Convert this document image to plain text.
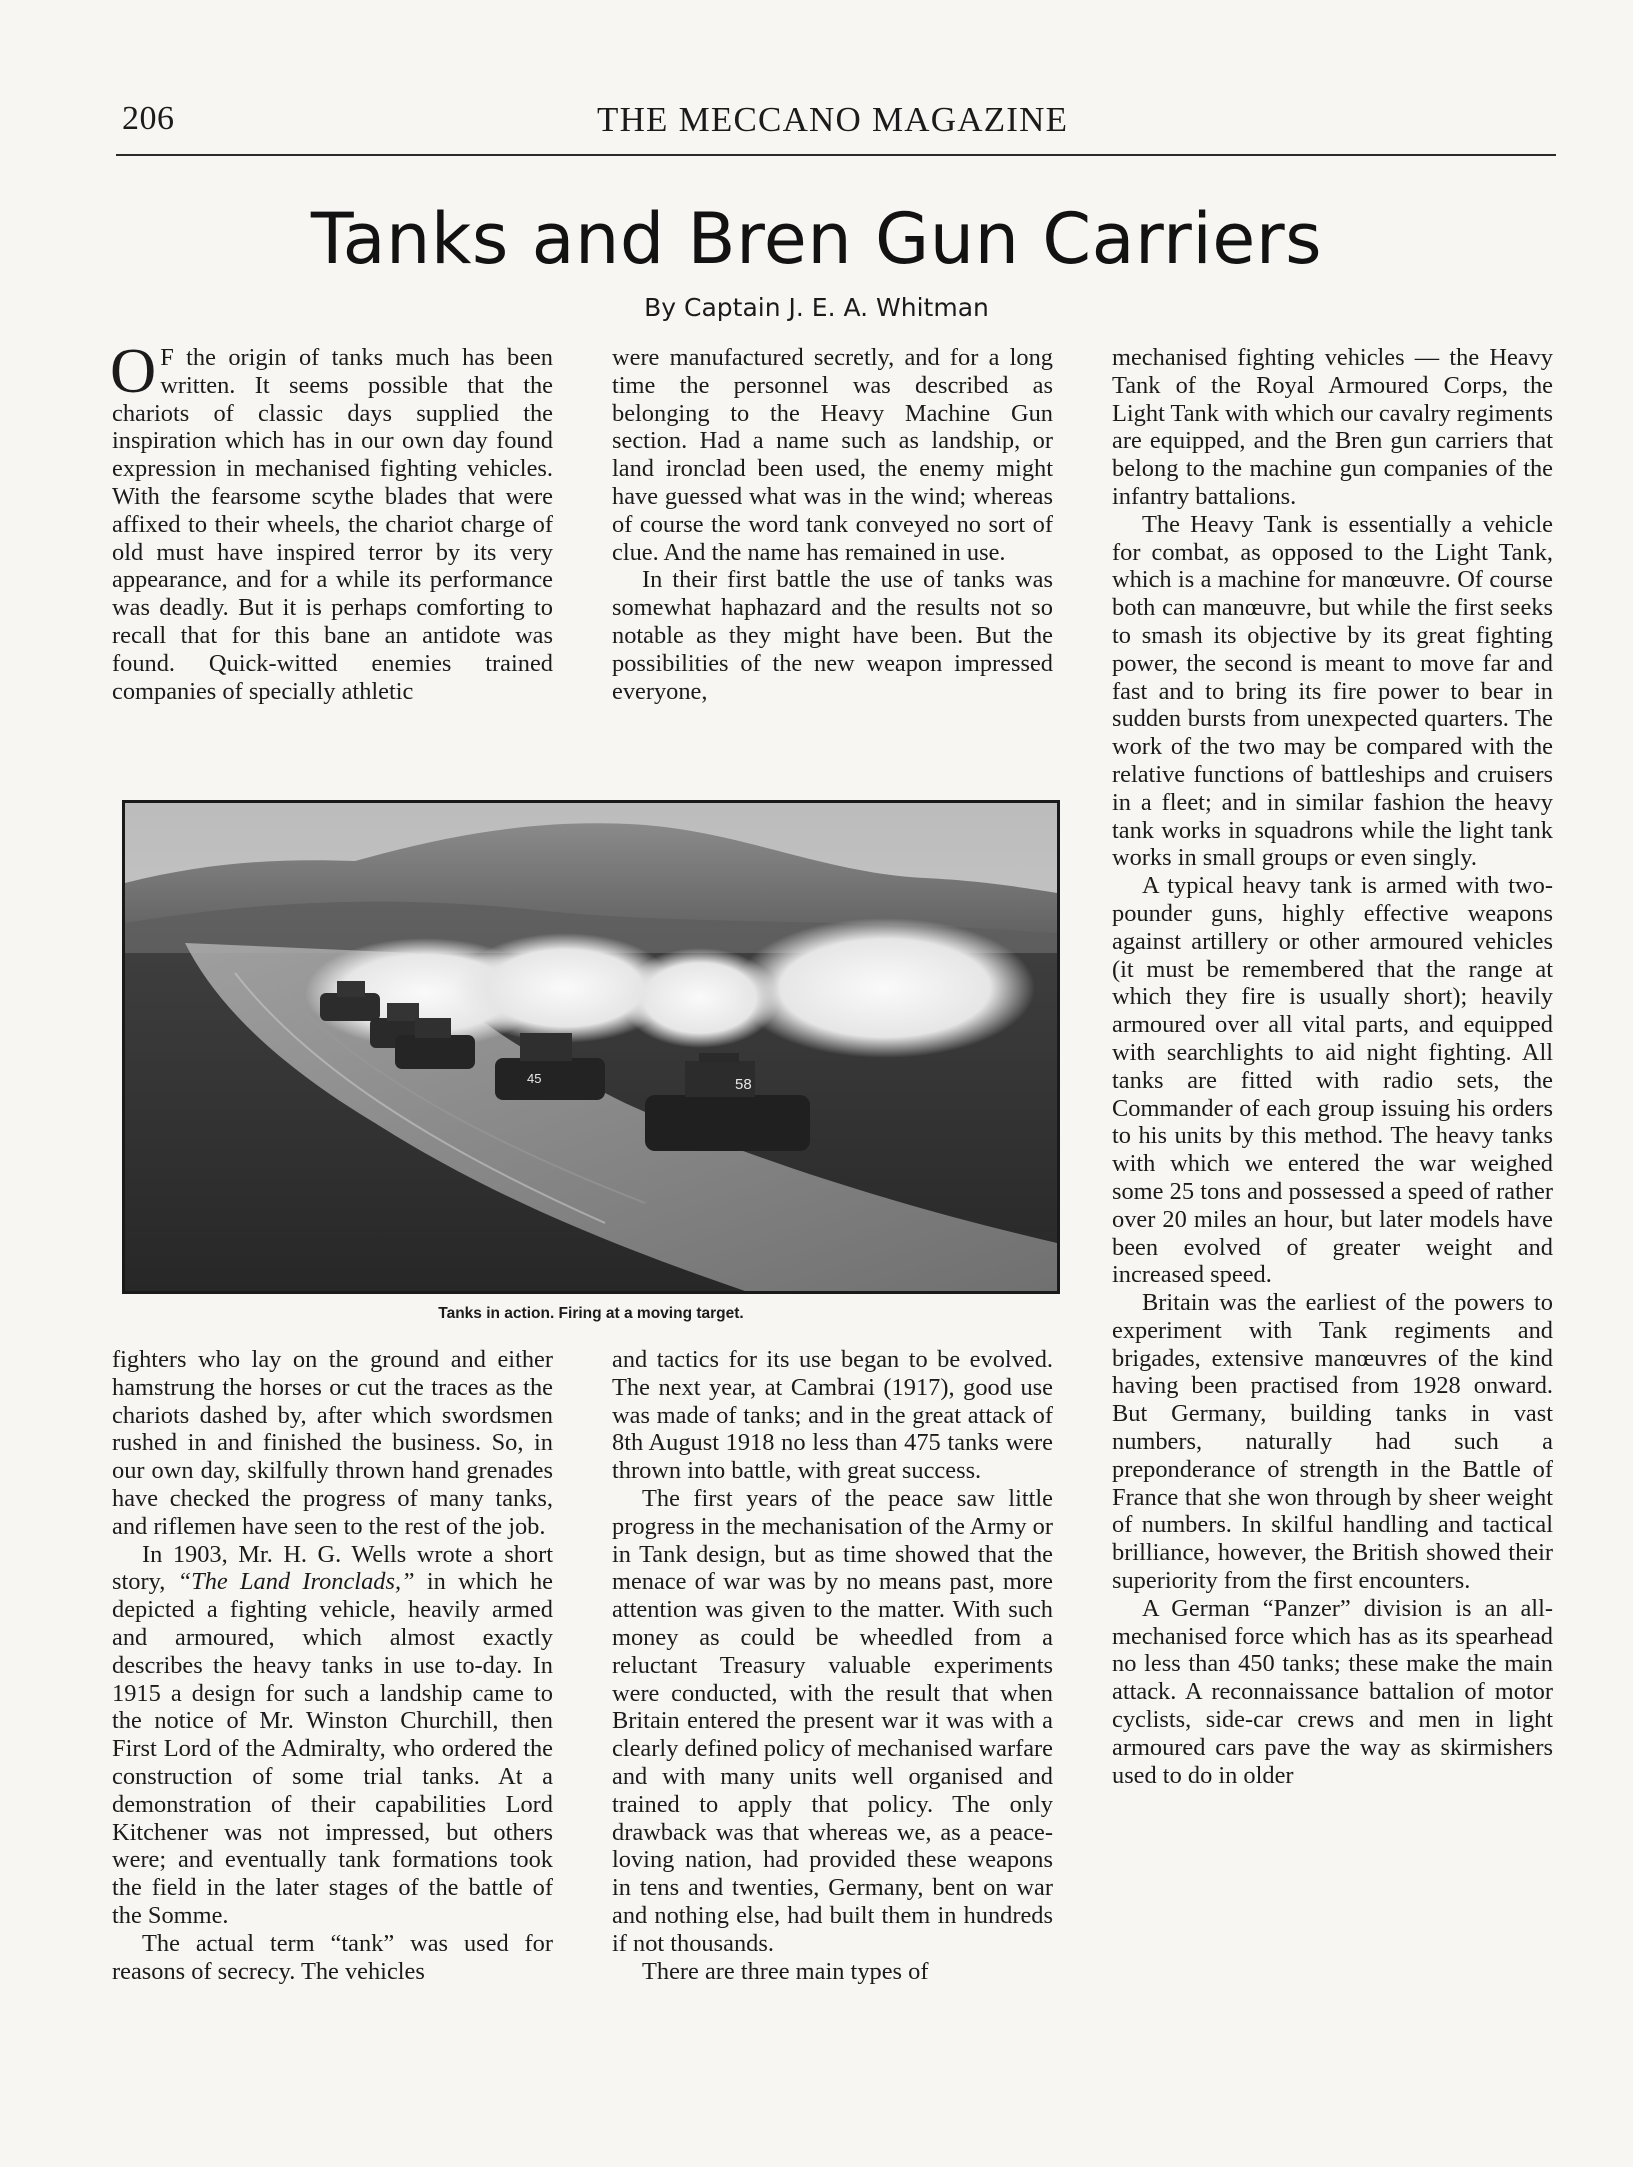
206	THE MECCANO MAGAZINE
Tanks and Bren Gun Carriers
By Captain J. E. A. Whitman

O F the origin of tanks much has been written. It seems possible that the chariots of classic days supplied the inspiration which has in our own day found expression in mechanised fighting vehicles. With the fearsome scythe blades that were affixed to their wheels, the chariot charge of old must have inspired terror by its very appearance, and for a while its performance was deadly. But it is perhaps comforting to recall that for this bane an antidote was found. Quick-witted enemies trained companies of specially athletic

were manufactured secretly, and for a long time the personnel was described as belonging to the Heavy Machine Gun section. Had a name such as landship, or land ironclad been used, the enemy might have guessed what was in the wind; whereas of course the word tank conveyed no sort of clue. And the name has remained in use.

In their first battle the use of tanks was somewhat haphazard and the results not so notable as they might have been. But the possibilities of the new weapon impressed everyone,

45	58
Tanks in action. Firing at a moving target.

fighters who lay on the ground and either hamstrung the horses or cut the traces as the chariots dashed by, after which swordsmen rushed in and finished the business. So, in our own day, skilfully thrown hand grenades have checked the progress of many tanks, and riflemen have seen to the rest of the job.

In 1903, Mr. H. G. Wells wrote a short story, “The Land Ironclads,” in which he depicted a fighting vehicle, heavily armed and armoured, which almost exactly describes the heavy tanks in use to-day. In 1915 a design for such a landship came to the notice of Mr. Winston Churchill, then First Lord of the Admiralty, who ordered the construction of some trial tanks. At a demonstration of their capabilities Lord Kitchener was not impressed, but others were; and eventually tank formations took the field in the later stages of the battle of the Somme.

The actual term “tank” was used for reasons of secrecy. The vehicles

and tactics for its use began to be evolved. The next year, at Cambrai (1917), good use was made of tanks; and in the great attack of 8th August 1918 no less than 475 tanks were thrown into battle, with great success.

The first years of the peace saw little progress in the mechanisation of the Army or in Tank design, but as time showed that the menace of war was by no means past, more attention was given to the matter. With such money as could be wheedled from a reluctant Treasury valuable experiments were conducted, with the result that when Britain entered the present war it was with a clearly defined policy of mechanised warfare and with many units well organised and trained to apply that policy. The only drawback was that whereas we, as a peace-loving nation, had provided these weapons in tens and twenties, Germany, bent on war and nothing else, had built them in hundreds if not thousands.

There are three main types of

mechanised fighting vehicles — the Heavy Tank of the Royal Armoured Corps, the Light Tank with which our cavalry regiments are equipped, and the Bren gun carriers that belong to the machine gun companies of the infantry battalions.

The Heavy Tank is essentially a vehicle for combat, as opposed to the Light Tank, which is a machine for manœuvre. Of course both can manœuvre, but while the first seeks to smash its objective by its great fighting power, the second is meant to move far and fast and to bring its fire power to bear in sudden bursts from unexpected quarters. The work of the two may be compared with the relative functions of battleships and cruisers in a fleet; and in similar fashion the heavy tank works in squadrons while the light tank works in small groups or even singly.

A typical heavy tank is armed with two-pounder guns, highly effective weapons against artillery or other armoured vehicles (it must be remembered that the range at which they fire is usually short); heavily armoured over all vital parts, and equipped with searchlights to aid night fighting. All tanks are fitted with radio sets, the Commander of each group issuing his orders to his units by this method. The heavy tanks with which we entered the war weighed some 25 tons and possessed a speed of rather over 20 miles an hour, but later models have been evolved of greater weight and increased speed.

Britain was the earliest of the powers to experiment with Tank regiments and brigades, extensive manœuvres of the kind having been practised from 1928 onward. But Germany, building tanks in vast numbers, naturally had such a preponderance of strength in the Battle of France that she won through by sheer weight of numbers. In skilful handling and tactical brilliance, however, the British showed their superiority from the first encounters.

A German “Panzer” division is an all-mechanised force which has as its spearhead no less than 450 tanks; these make the main attack. A reconnaissance battalion of motor cyclists, side-car crews and men in light armoured cars pave the way as skirmishers used to do in older
